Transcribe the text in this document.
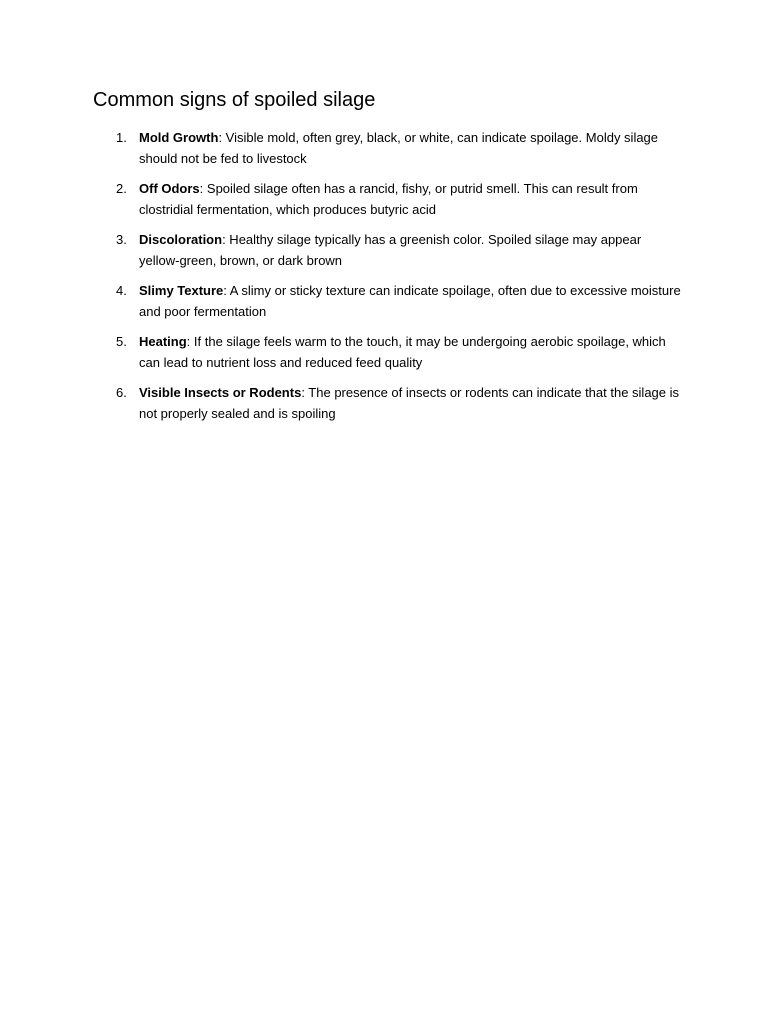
Common signs of spoiled silage
1. Mold Growth: Visible mold, often grey, black, or white, can indicate spoilage. Moldy silage should not be fed to livestock
2. Off Odors: Spoiled silage often has a rancid, fishy, or putrid smell. This can result from clostridial fermentation, which produces butyric acid
3. Discoloration: Healthy silage typically has a greenish color. Spoiled silage may appear yellow-green, brown, or dark brown
4. Slimy Texture: A slimy or sticky texture can indicate spoilage, often due to excessive moisture and poor fermentation
5. Heating: If the silage feels warm to the touch, it may be undergoing aerobic spoilage, which can lead to nutrient loss and reduced feed quality
6. Visible Insects or Rodents: The presence of insects or rodents can indicate that the silage is not properly sealed and is spoiling
